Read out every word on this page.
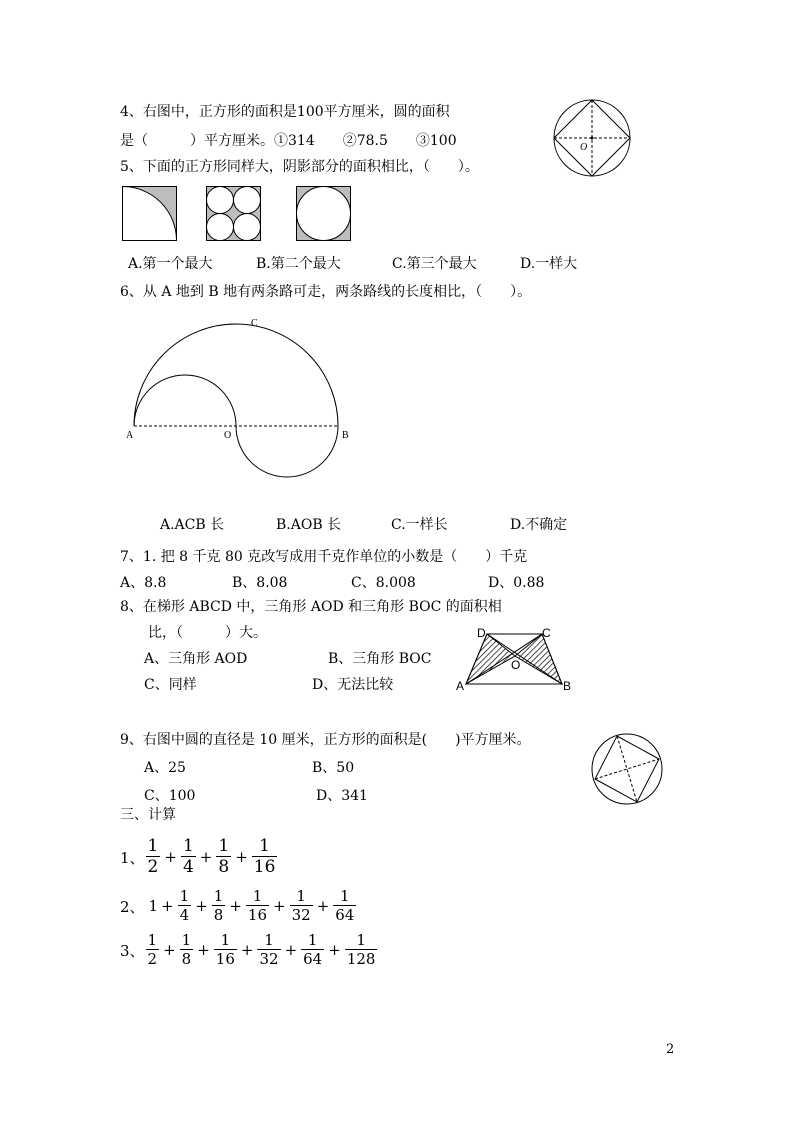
4、右图中，正方形的面积是100平方厘米，圆的面积
是（　　　）平方厘米。①314　　②78.5　　③100	O
5、下面的正方形同样大，阴影部分的面积相比，（　　）。
A.第一个最大	B.第二个最大	C.第三个最大	D.一样大
6、从 A 地到 B 地有两条路可走，两条路线的长度相比，（　　）。
C
A	O	B
A.ACB 长	B.AOB 长	C.一样长	D.不确定
7、1. 把 8 千克 80 克改写成用千克作单位的小数是（　　）千克
A、8.8	B、8.08	C、8.008	D、0.88
8、在梯形 ABCD 中，三角形 AOD 和三角形 BOC 的面积相
比，（　　　）大。
A、三角形 AOD	B、三角形 BOC
C、同样	D、无法比较
D	C
O
A	B
9、右图中圆的直径是 10 厘米，正方形的面积是(　　)平方厘米。
A、25	B、50
C、100	D、341
三、计算
1、 $\frac{1}{2} + \frac{1}{4} + \frac{1}{8} + \frac{1}{16}$
2、 $1 + \frac{1}{4} + \frac{1}{8} + \frac{1}{16} + \frac{1}{32} + \frac{1}{64}$
3、 $\frac{1}{2} + \frac{1}{8} + \frac{1}{16} + \frac{1}{32} + \frac{1}{64} + \frac{1}{128}$
2
